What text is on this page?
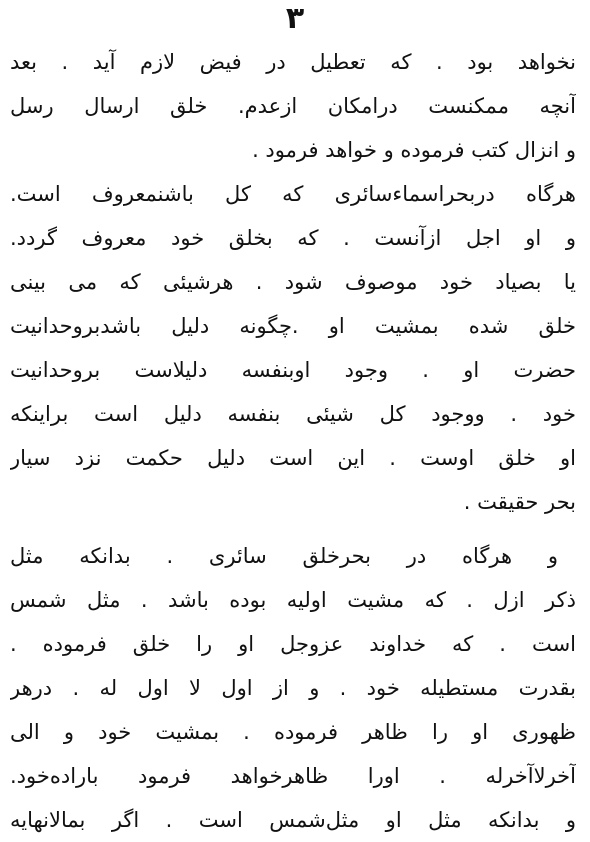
۳
نخواهد بود . که تعطیل در فیض لازم آید . بعد
آنچه ممکنست درامکان ازعدم. خلق ارسال رسل
و انزال کتب فرموده و خواهد فرمود .
هرگاه دربحراسماءسائری که کل باشنمعروف است.
و او اجل ازآنست . که بخلق خود معروف گردد.
یا بصیاد خود موصوف شود . هرشیئی که می بینی
خلق شده بمشیت او .چگونه دلیل باشدبروحدانیت
حضرت او . وجود اوبنفسه دلیلاست بروحدانیت
خود . ووجود کل شیئی بنفسه دلیل است براینکه
او خلق اوست . این است دلیل حکمت نزد سیار
بحر حقیقت .
و هرگاه در بحرخلق سائری . بدانکه مثل
ذکر ازل . که مشیت اولیه بوده باشد . مثل شمس
است . که خداوند عزوجل او را خلق فرموده .
بقدرت مستطیله خود . و از اول لا اول له . درهر
ظهوری او را ظاهر فرموده . بمشیت خود و الی
آخرلاآخرله . اورا ظاهرخواهد فرمود باراده‌خود.
و بدانکه مثل او مثل‌شمس است . اگر بمالانهایه
